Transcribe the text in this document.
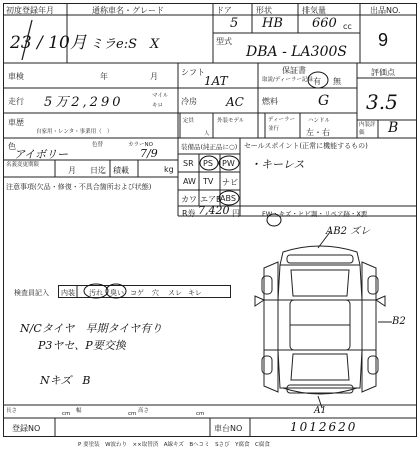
初度登録年月
23 / 10月
通称車名・グレード
ミラe:S　X
ドア
5
形状
HB
排気量
660 cc
型式
DBA - LA300S
出品NO.
9
車検	年	月	シフト
1AT
保証書
取説/ディーラー記録 有 無
評価点
3.5
走行 5万2,290	マイル
キロ 冷房 AC 燃料	G
車歴
自家用・レンタ・事業用（　）
定員
人
外装モデル	ディーラー並行
ハンドル
左・右
内装評価	B
色
アイボリー
色替	カラーNO
7/9
名義変更期限
月 日迄 積載	kg
装備品(純正品に○)
SR PS PW
AW TV ナビ
カワ エアB
ABS
R券 7,420 円
セールスポイント(正常に機能するもの)
・キーレス
注意事項(欠品・修復・不具合箇所および状態)
FW・キズ・ヒビ割・リペア跡・X要
検査員記入 内装 汚れ 臭い コゲ 穴 スレ キレ
N/Cタイヤ　早期タイヤ有り
P3ヤセ、P要交換
Nキズ　B
AB2 ズレ
B2
A1
長さ	cm 幅	cm 高さ	cm
登録NO	車台NO	1012620
P 要塗装　W波わり　××取替済　A線キズ　Bヘコミ　Sさび　Y腐食　C腐食
